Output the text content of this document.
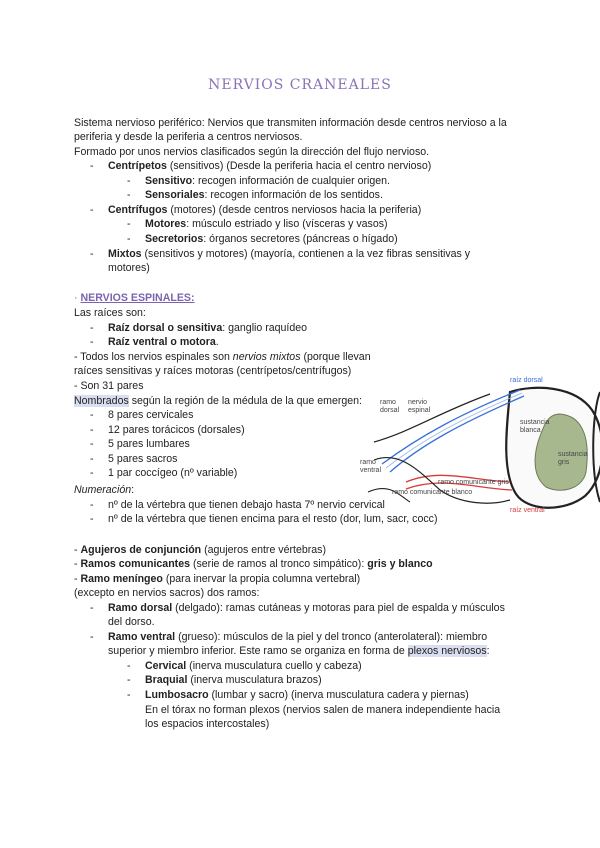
NERVIOS CRANEALES
Sistema nervioso periférico: Nervios que transmiten información desde centros nervioso a la
periferia y desde la periferia a centros nerviosos.
Formado por unos nervios clasificados según la dirección del flujo nervioso.
- Centrípetos (sensitivos) (Desde la periferia hacia el centro nervioso)
- Sensitivo: recogen información de cualquier origen.
- Sensoriales: recogen información de los sentidos.
- Centrífugos (motores) (desde centros nerviosos hacia la periferia)
- Motores: músculo estriado y liso (vísceras y vasos)
- Secretorios: órganos secretores (páncreas o hígado)
- Mixtos (sensitivos y motores) (mayoría, contienen a la vez fibras sensitivas y
motores)
· NERVIOS ESPINALES:
Las raíces son:
- Raíz dorsal o sensitiva: ganglio raquídeo
- Raíz ventral o motora.
- Todos los nervios espinales son nervios mixtos (porque llevan
raíces sensitivas y raíces motoras (centrípetos/centrífugos)
- Son 31 pares
Nombrados según la región de la médula de la que emergen:
- 8 pares cervicales
- 12 pares torácicos (dorsales)
- 5 pares lumbares
- 5 pares sacros
- 1 par coccígeo (nº variable)
Numeración:
- nº de la vértebra que tienen debajo hasta 7º nervio cervical
- nº de la vértebra que tienen encima para el resto (dor, lum, sacr, cocc)
raíz dorsal
nervio
espinal
ramo
dorsal
ramo
ventral
sustancia
blanca
sustancia
gris
ramo comunicante gris
ramo comunicante blanco
raíz ventral
- Agujeros de conjunción (agujeros entre vértebras)
- Ramos comunicantes (serie de ramos al tronco simpático): gris y blanco
- Ramo meníngeo (para inervar la propia columna vertebral)
(excepto en nervios sacros) dos ramos:
- Ramo dorsal (delgado): ramas cutáneas y motoras para piel de espalda y músculos
del dorso.
- Ramo ventral (grueso): músculos de la piel y del tronco (anterolateral): miembro
superior y miembro inferior. Este ramo se organiza en forma de plexos nerviosos:
- Cervical (inerva musculatura cuello y cabeza)
- Braquial (inerva musculatura brazos)
- Lumbosacro (lumbar y sacro) (inerva musculatura cadera y piernas)
En el tórax no forman plexos (nervios salen de manera independiente hacia
los espacios intercostales)
